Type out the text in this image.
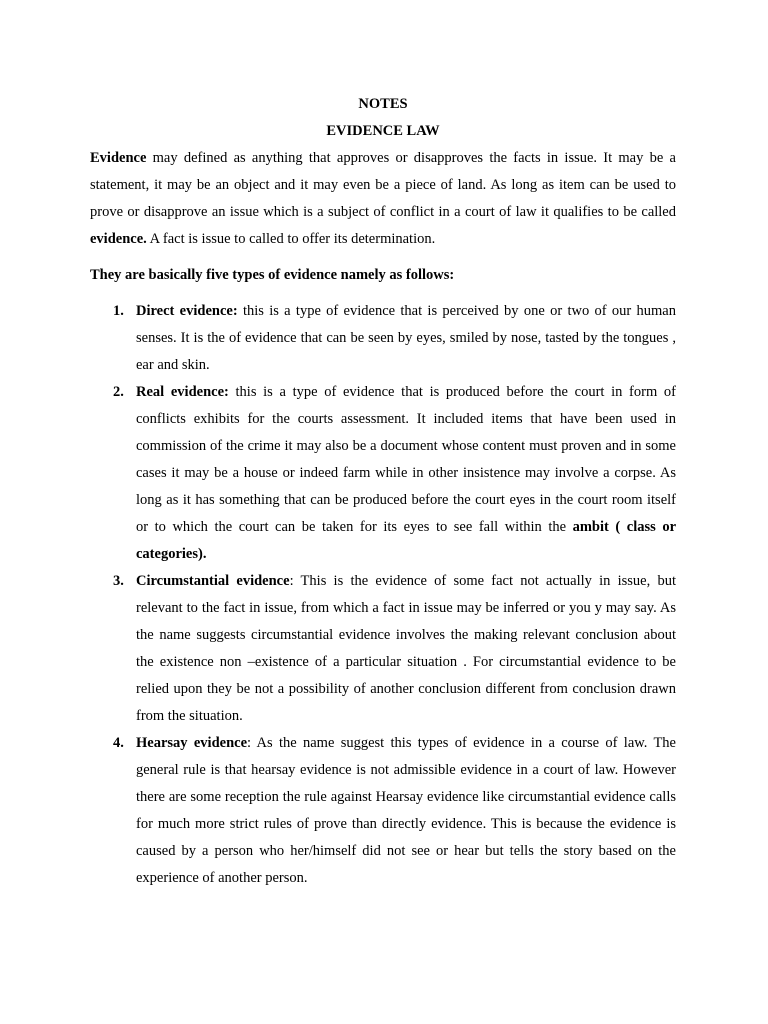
NOTES

EVIDENCE LAW

Evidence may defined as anything that approves or disapproves the facts in issue. It may be a statement, it may be an object and it may even be a piece of land. As long as item can be used to prove or disapprove an issue which is a subject of conflict in a court of law it qualifies to be called evidence. A fact is issue to called to offer its determination.

They are basically five types of evidence namely as follows:

1. Direct evidence: this is a type of evidence that is perceived by one or two of our human senses. It is the of evidence that can be seen by eyes, smiled by nose, tasted by the tongues , ear and skin.
2. Real evidence: this is a type of evidence that is produced before the court in form of conflicts exhibits for the courts assessment. It included items that have been used in commission of the crime it may also be a document whose content must proven and in some cases it may be a house or indeed farm while in other insistence may involve a corpse. As long as it has something that can be produced before the court eyes in the court room itself or to which the court can be taken for its eyes to see fall within the ambit ( class or categories).
3. Circumstantial evidence: This is the evidence of some fact not actually in issue, but relevant to the fact in issue, from which a fact in issue may be inferred or you y may say. As the name suggests circumstantial evidence involves the making relevant conclusion about the existence non –existence of a particular situation . For circumstantial evidence to be relied upon they be not a possibility of another conclusion different from conclusion drawn from the situation.
4. Hearsay evidence: As the name suggest this types of evidence in a course of law. The general rule is that hearsay evidence is not admissible evidence in a court of law. However there are some reception the rule against Hearsay evidence like circumstantial evidence calls for much more strict rules of prove than directly evidence. This is because the evidence is caused by a person who her/himself did not see or hear but tells the story based on the experience of another person.
